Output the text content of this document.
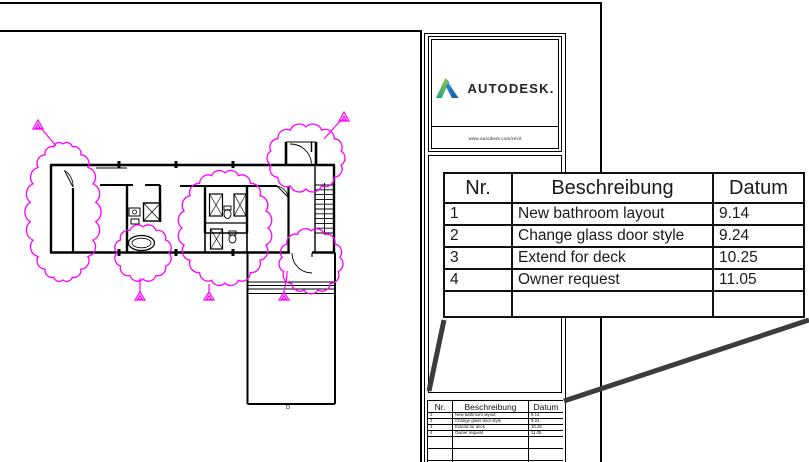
AUTODESK.
www.autodesk.com/revit
D
Nr.	Beschreibung	Datum
1	New bathroom layout	9.14
2	Change glass door style	9.24
3	Extend for deck	10.25
4	Owner request	11.05

Nr.	Beschreibung	Datum
1	New bathroom layout	9.14
2	Change glass door style	9.24
3	Extend for deck	10.25
4	Owner request	11.05
